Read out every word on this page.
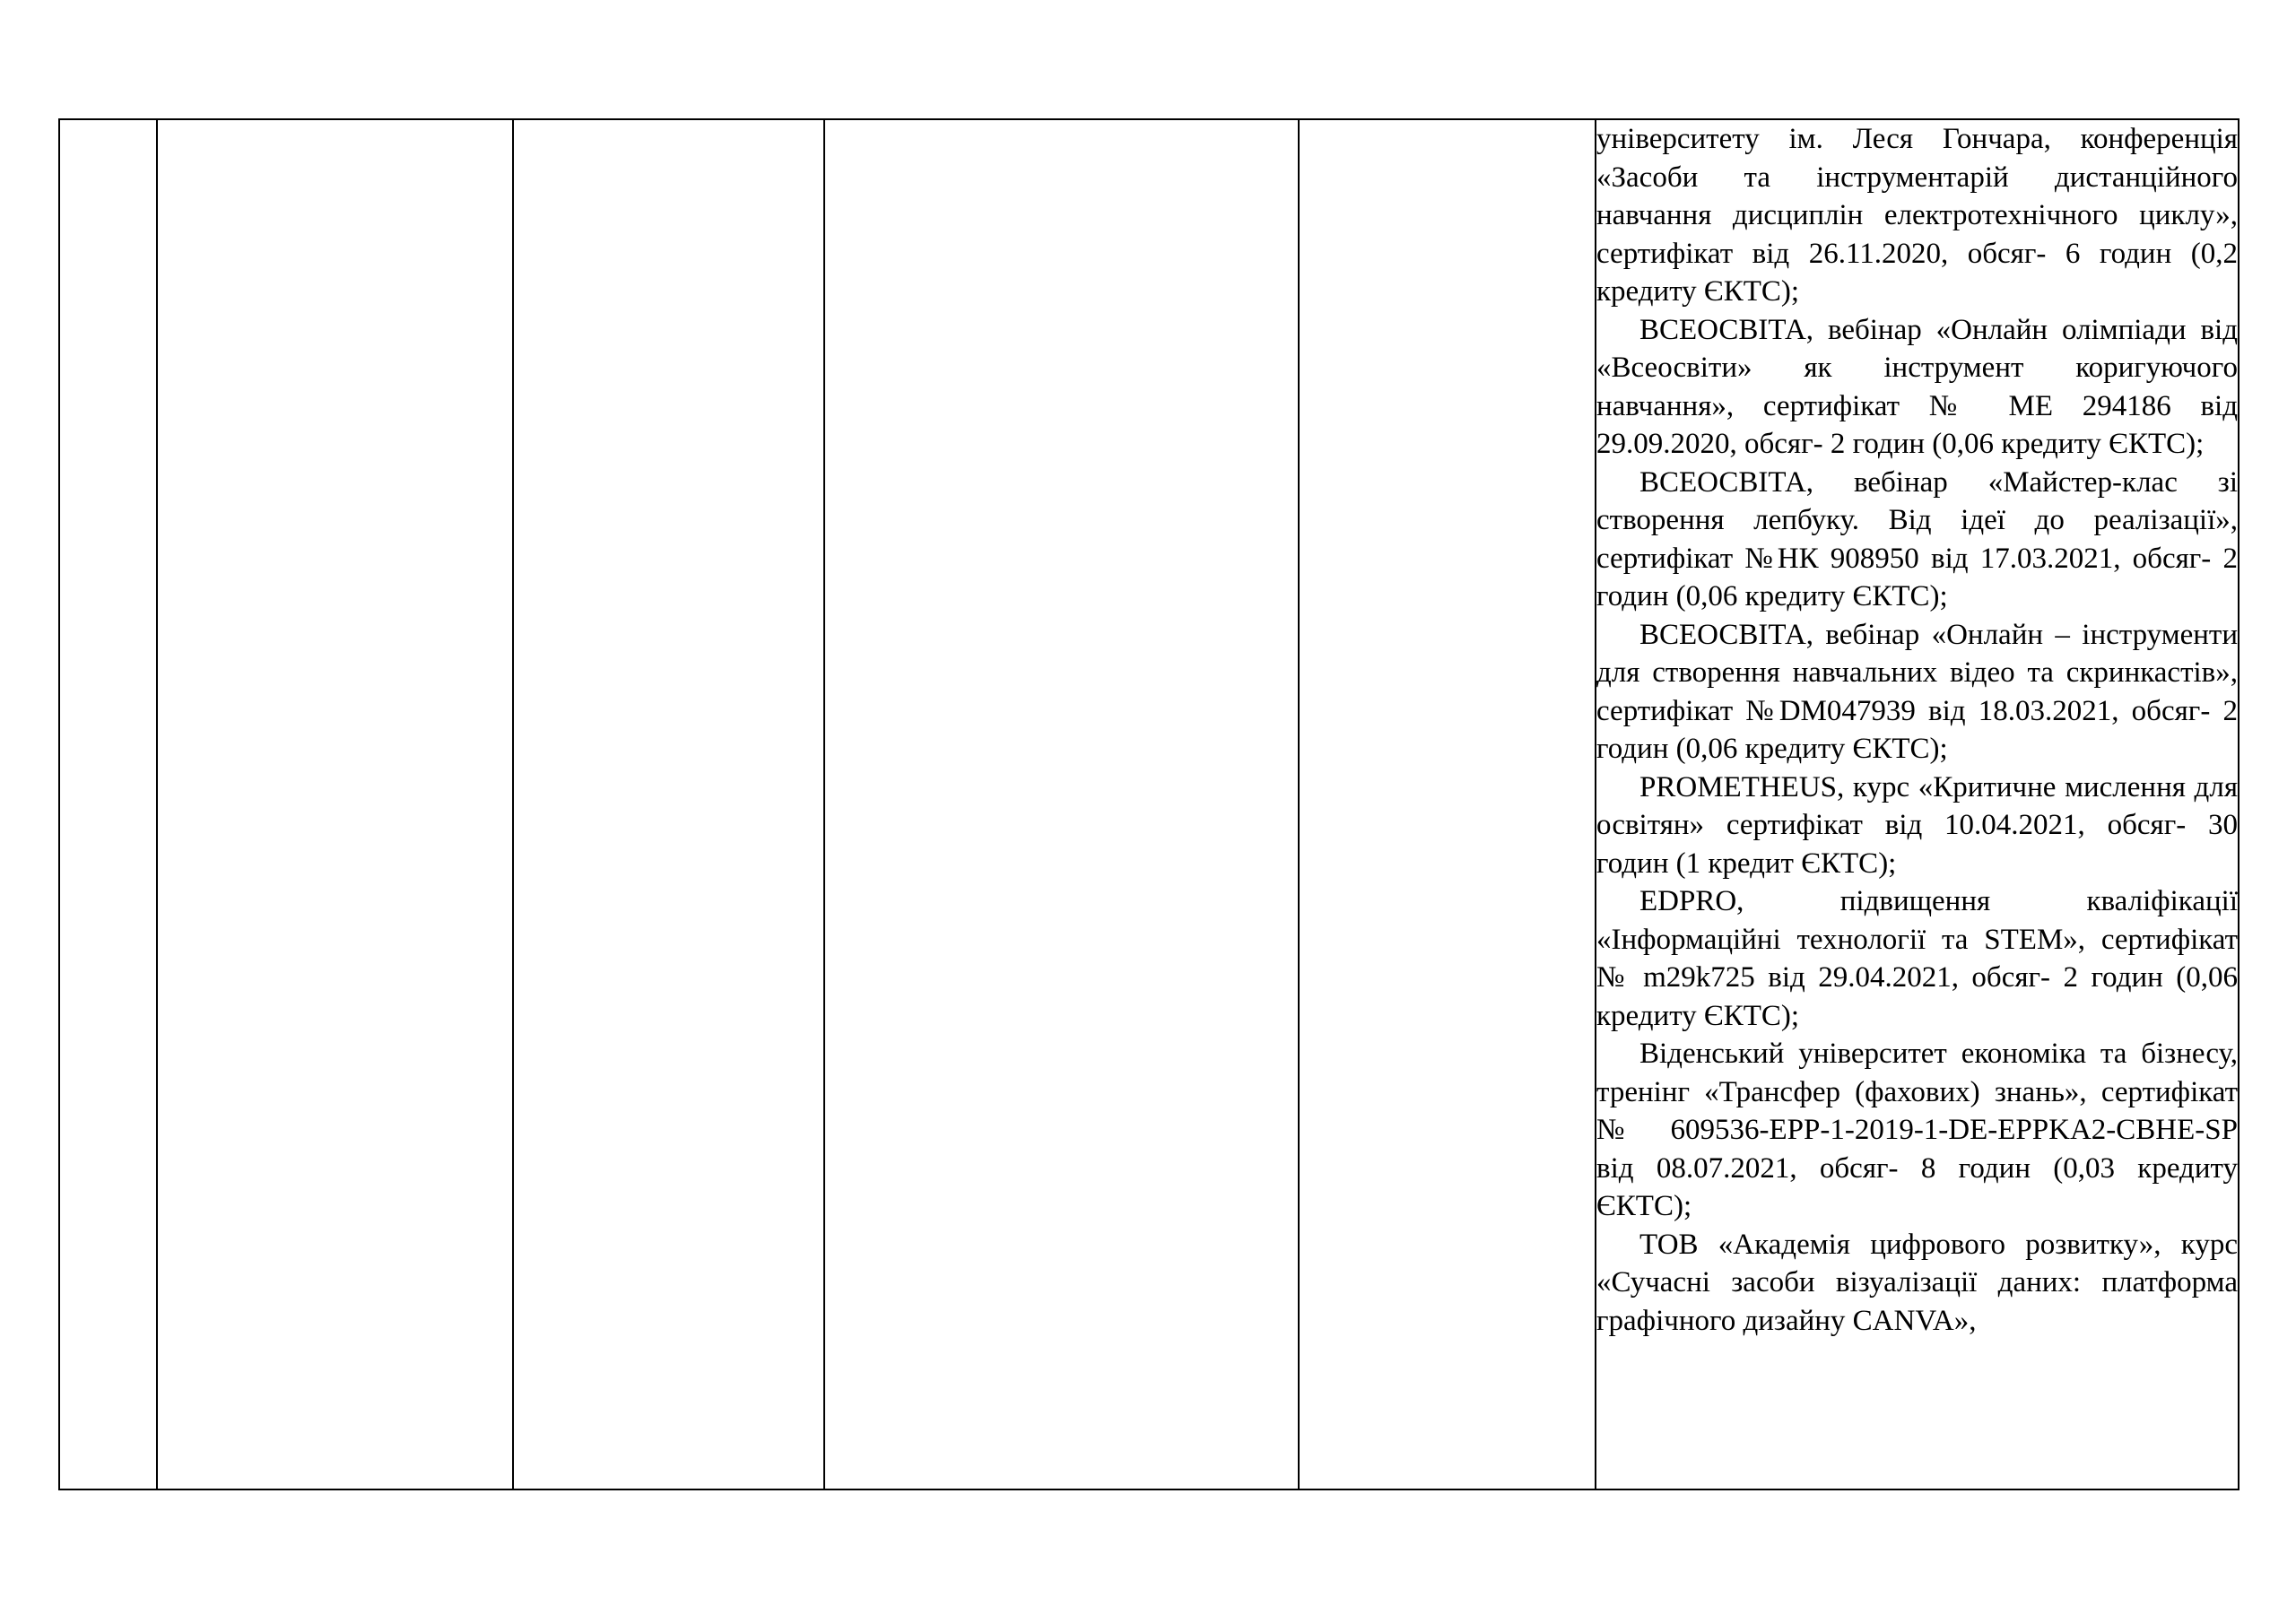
університету ім. Леся Гончара, конференція «Засоби та інструментарій дистанційного навчання дисциплін електротехнічного циклу», сертифікат від 26.11.2020, обсяг- 6 годин (0,2 кредиту ЄКТС);

ВСЕОСВІТА, вебінар «Онлайн олімпіади від «Всеосвіти» як інструмент коригуючого навчання», сертифікат № МЕ 294186 від 29.09.2020, обсяг- 2 годин (0,06 кредиту ЄКТС);

ВСЕОСВІТА, вебінар «Майстер-клас зі створення лепбуку. Від ідеї до реалізації», сертифікат №НК 908950 від 17.03.2021, обсяг- 2 годин (0,06 кредиту ЄКТС);

ВСЕОСВІТА, вебінар «Онлайн – інструменти для створення навчальних відео та скринкастів», сертифікат №DM047939 від 18.03.2021, обсяг- 2 годин (0,06 кредиту ЄКТС);

PROMETHEUS, курс «Критичне мислення для освітян» сертифікат від 10.04.2021, обсяг- 30 годин (1 кредит ЄКТС);

EDPRO, підвищення кваліфікації «Інформаційні технології та STEM», сертифікат № m29k725 від 29.04.2021, обсяг- 2 годин (0,06 кредиту ЄКТС);

Віденський університет економіка та бізнесу, тренінг «Трансфер (фахових) знань», сертифікат № 609536-EPP-1-2019-1-DE-EPPKA2-CBHE-SP від 08.07.2021, обсяг- 8 годин (0,03 кредиту ЄКТС);

ТОВ «Академія цифрового розвитку», курс «Сучасні засоби візуалізації даних: платформа графічного дизайну CANVA»,
